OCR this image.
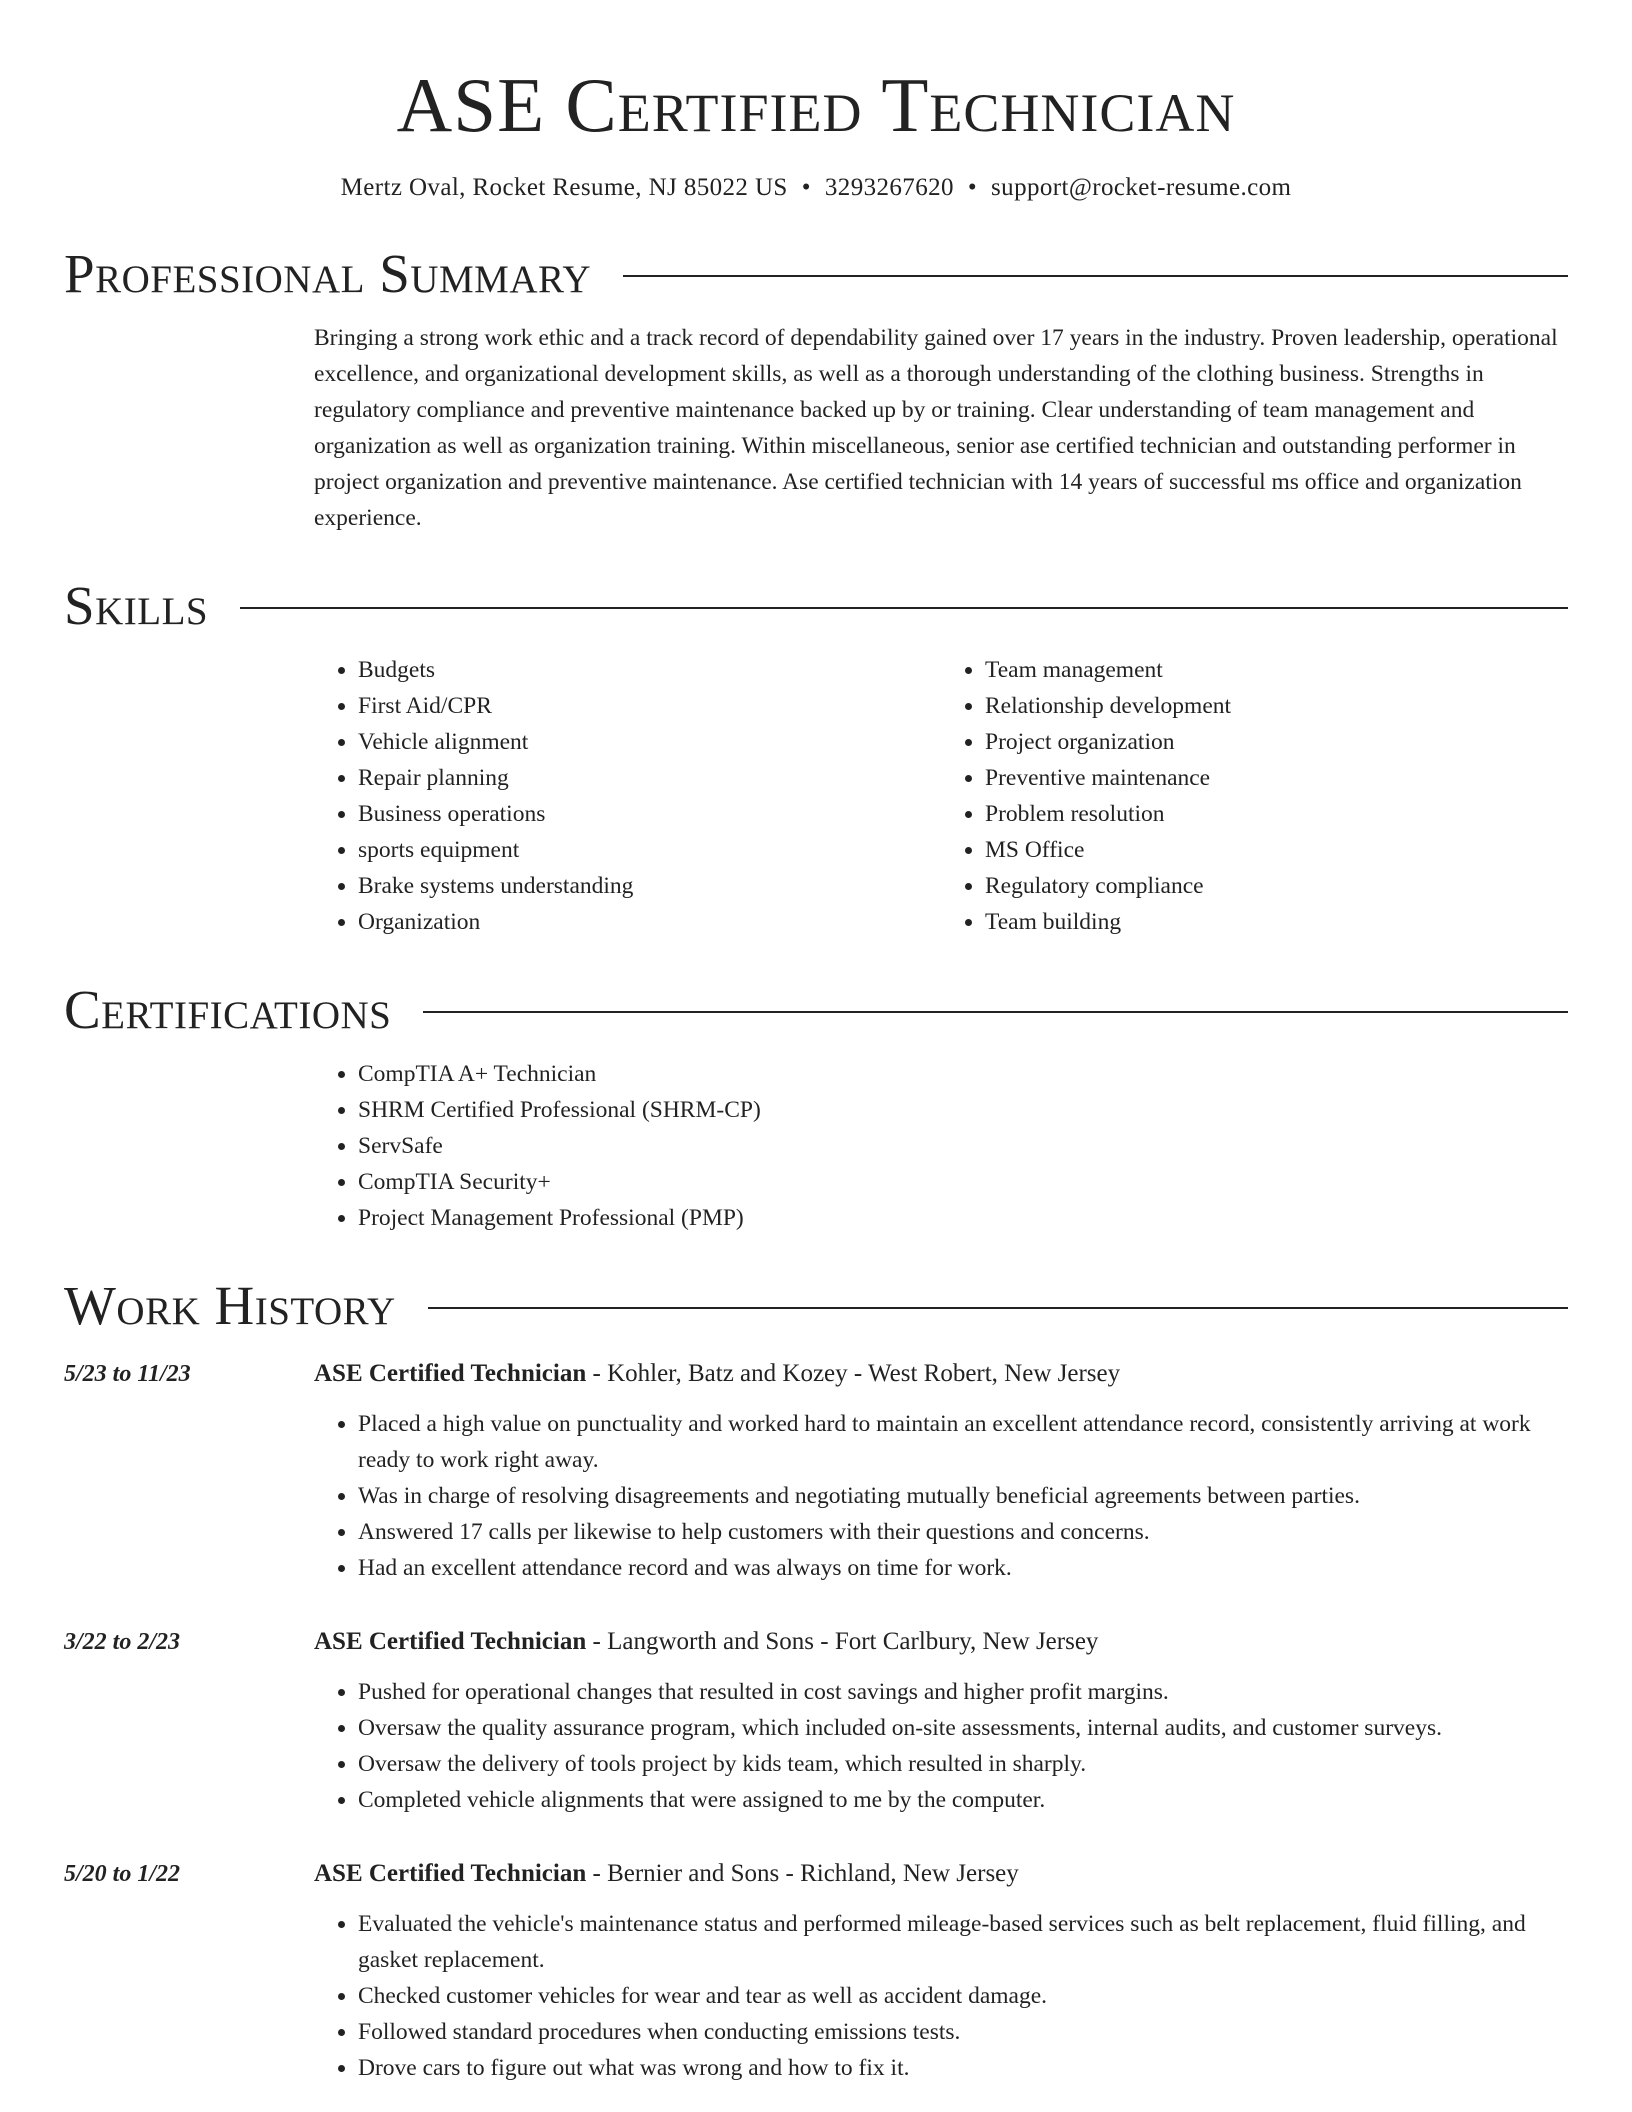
ASE Certified Technician
Mertz Oval, Rocket Resume, NJ 85022 US • 3293267620 • support@rocket-resume.com
Professional Summary

Bringing a strong work ethic and a track record of dependability gained over 17 years in the industry. Proven leadership, operational excellence, and organizational development skills, as well as a thorough understanding of the clothing business. Strengths in regulatory compliance and preventive maintenance backed up by or training. Clear understanding of team management and organization as well as organization training. Within miscellaneous, senior ase certified technician and outstanding performer in project organization and preventive maintenance. Ase certified technician with 14 years of successful ms office and organization experience.

Skills
• Budgets
• First Aid/CPR
• Vehicle alignment
• Repair planning
• Business operations
• sports equipment
• Brake systems understanding
• Organization
• Team management
• Relationship development
• Project organization
• Preventive maintenance
• Problem resolution
• MS Office
• Regulatory compliance
• Team building
Certifications
• CompTIA A+ Technician
• SHRM Certified Professional (SHRM-CP)
• ServSafe
• CompTIA Security+
• Project Management Professional (PMP)
Work History
5/23 to 11/23	ASE Certified Technician - Kohler, Batz and Kozey - West Robert, New Jersey
• Placed a high value on punctuality and worked hard to maintain an excellent attendance record, consistently arriving at work ready to work right away.
• Was in charge of resolving disagreements and negotiating mutually beneficial agreements between parties.
• Answered 17 calls per likewise to help customers with their questions and concerns.
• Had an excellent attendance record and was always on time for work.
3/22 to 2/23	ASE Certified Technician - Langworth and Sons - Fort Carlbury, New Jersey
• Pushed for operational changes that resulted in cost savings and higher profit margins.
• Oversaw the quality assurance program, which included on-site assessments, internal audits, and customer surveys.
• Oversaw the delivery of tools project by kids team, which resulted in sharply.
• Completed vehicle alignments that were assigned to me by the computer.
5/20 to 1/22	ASE Certified Technician - Bernier and Sons - Richland, New Jersey
• Evaluated the vehicle's maintenance status and performed mileage-based services such as belt replacement, fluid filling, and gasket replacement.
• Checked customer vehicles for wear and tear as well as accident damage.
• Followed standard procedures when conducting emissions tests.
• Drove cars to figure out what was wrong and how to fix it.
